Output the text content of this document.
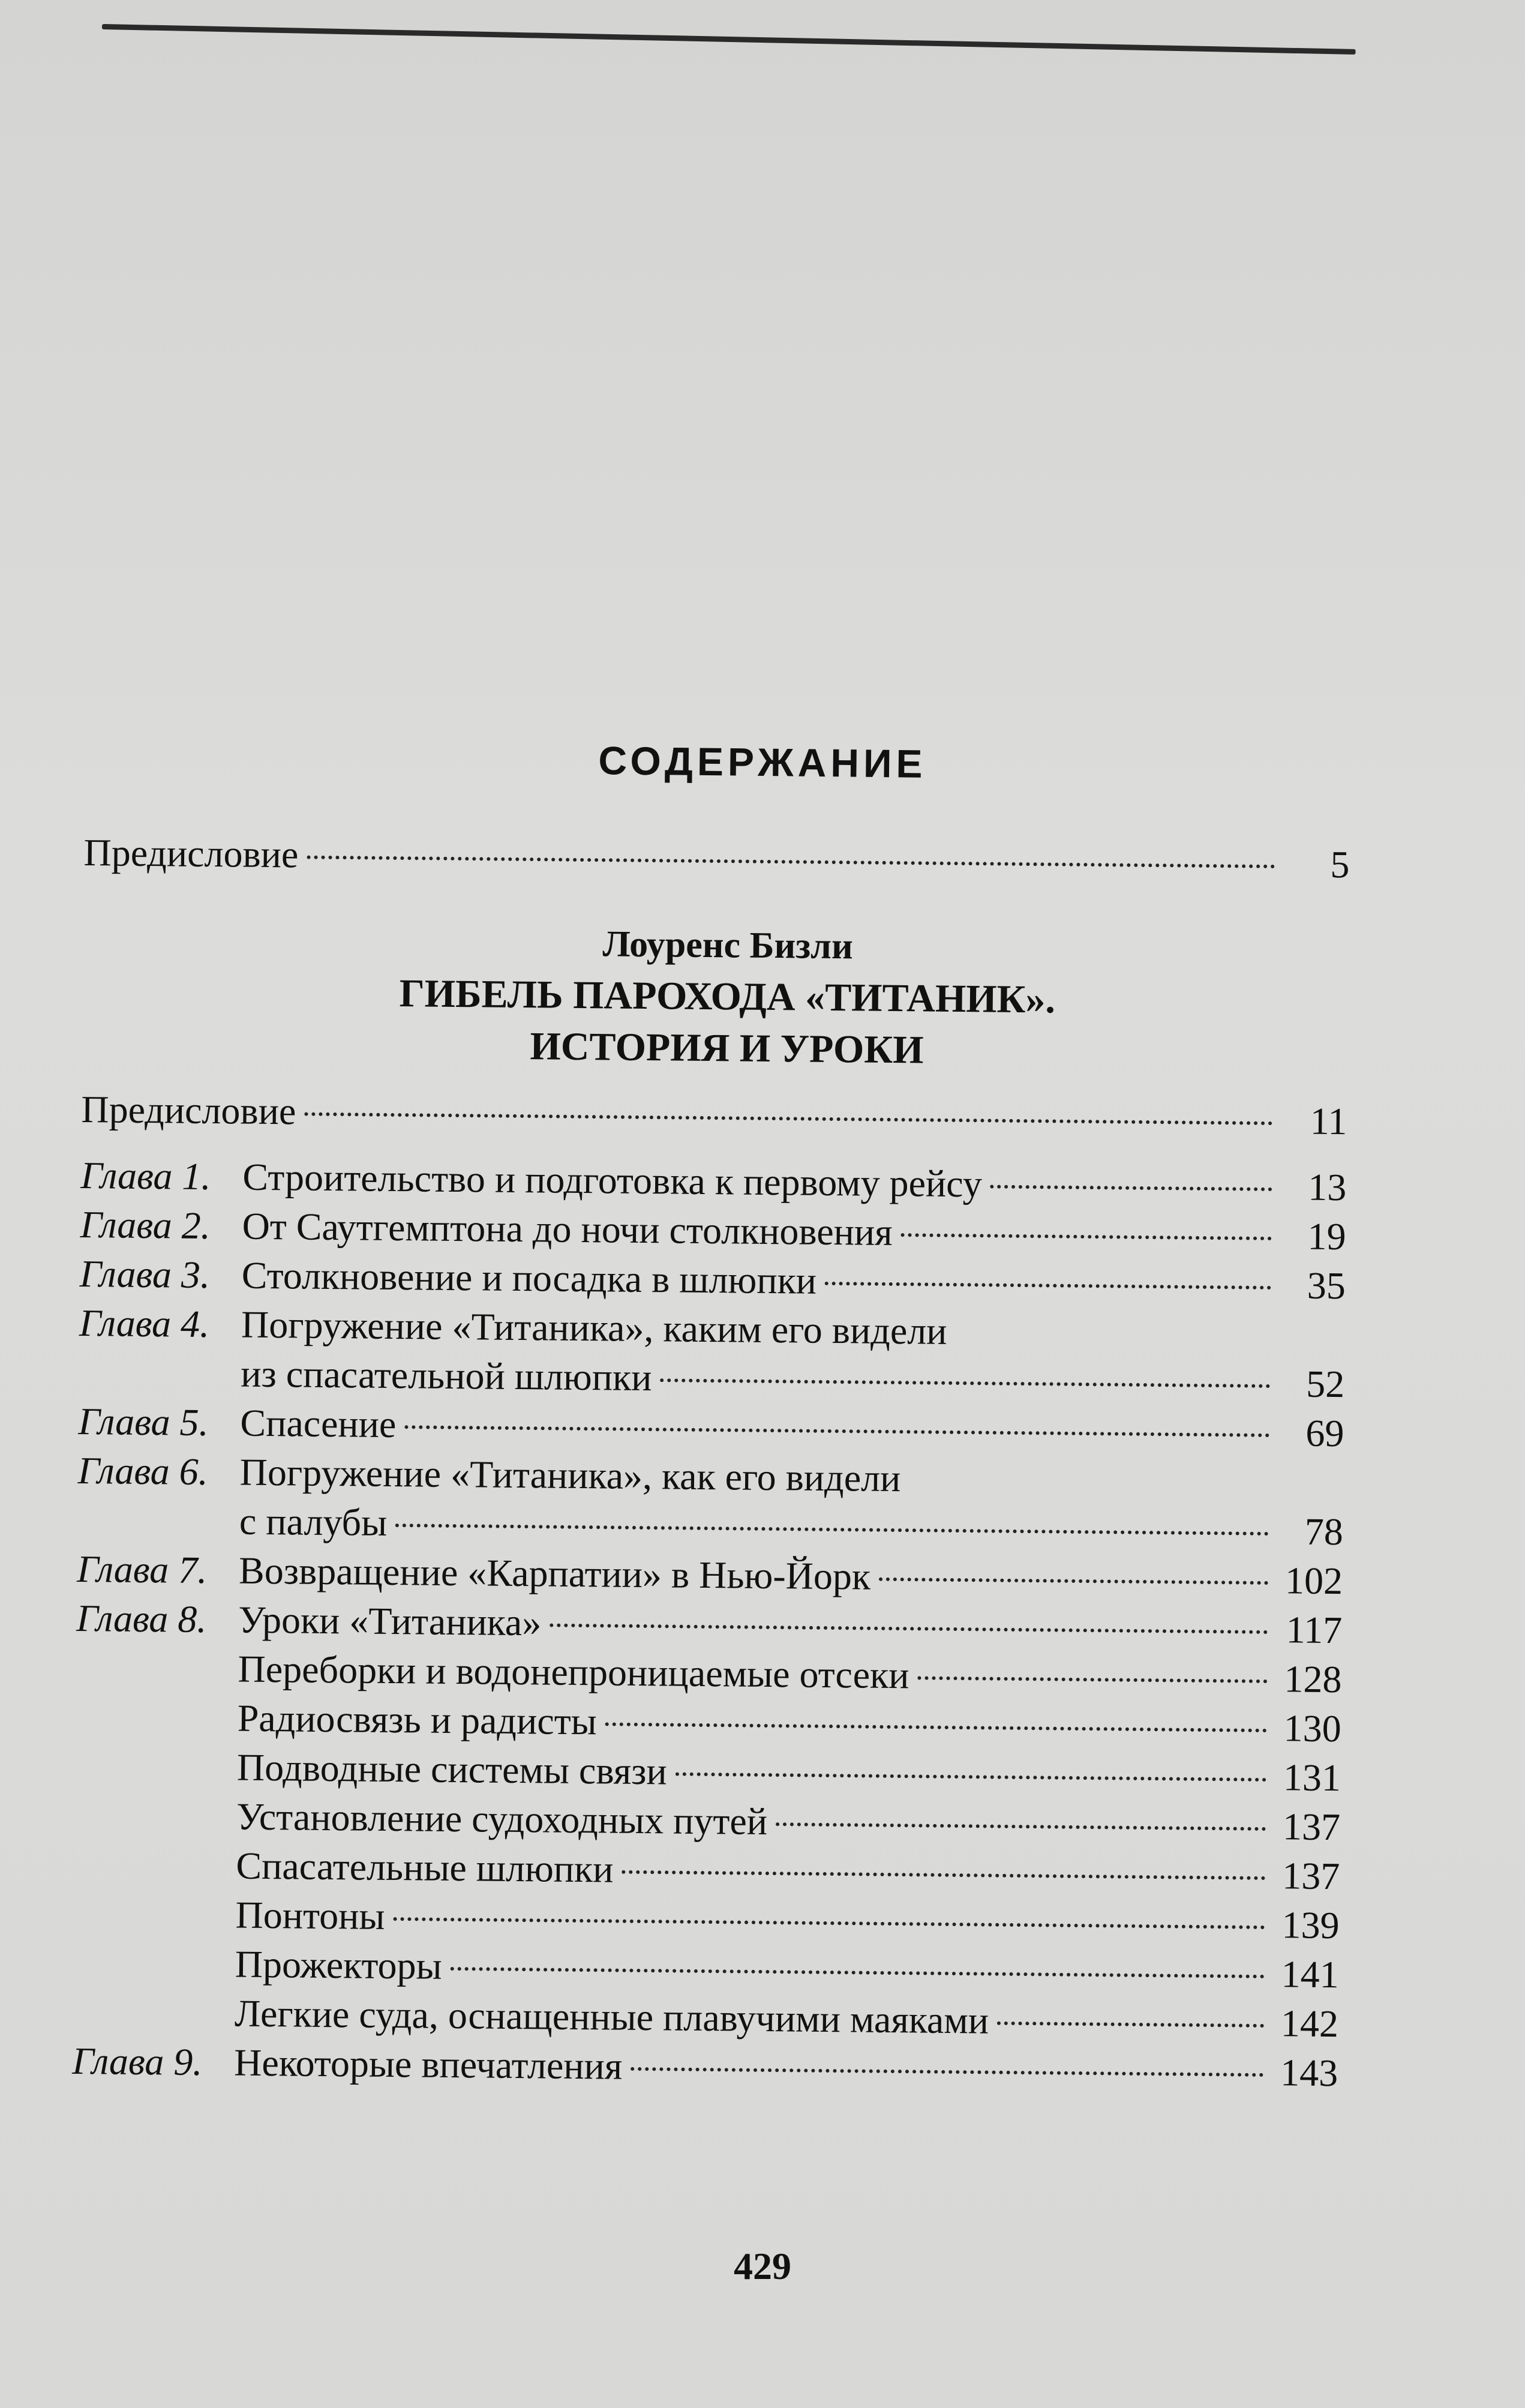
СОДЕРЖАНИЕ
Предисловие	5
Лоуренс Бизли
ГИБЕЛЬ ПАРОХОДА «ТИТАНИК».
ИСТОРИЯ И УРОКИ
Предисловие	11
Глава 1. Строительство и подготовка к первому рейсу	13
Глава 2. От Саутгемптона до ночи столкновения	19
Глава 3. Столкновение и посадка в шлюпки	35
Глава 4. Погружение «Титаника», каким его видели
из спасательной шлюпки	52
Глава 5. Спасение	69
Глава 6. Погружение «Титаника», как его видели
с палубы	78
Глава 7. Возвращение «Карпатии» в Нью-Йорк	102
Глава 8. Уроки «Титаника»	117
Переборки и водонепроницаемые отсеки	128
Радиосвязь и радисты	130
Подводные системы связи	131
Установление судоходных путей	137
Спасательные шлюпки	137
Понтоны	139
Прожекторы	141
Легкие суда, оснащенные плавучими маяками	142
Глава 9. Некоторые впечатления	143
429
